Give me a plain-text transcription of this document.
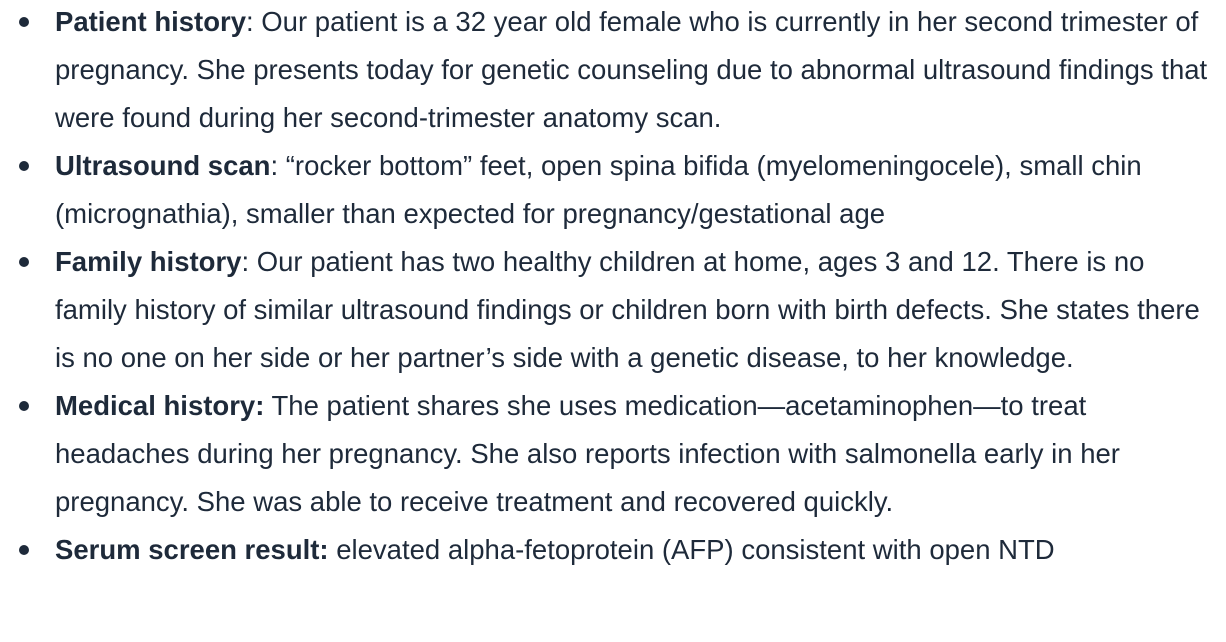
Patient history: Our patient is a 32 year old female who is currently in her second trimester of pregnancy. She presents today for genetic counseling due to abnormal ultrasound findings that were found during her second-trimester anatomy scan.
Ultrasound scan: “rocker bottom” feet, open spina bifida (myelomeningocele), small chin (micrognathia), smaller than expected for pregnancy/gestational age
Family history: Our patient has two healthy children at home, ages 3 and 12. There is no family history of similar ultrasound findings or children born with birth defects. She states there is no one on her side or her partner’s side with a genetic disease, to her knowledge.
Medical history: The patient shares she uses medication—acetaminophen—to treat headaches during her pregnancy. She also reports infection with salmonella early in her pregnancy. She was able to receive treatment and recovered quickly.
Serum screen result: elevated alpha-fetoprotein (AFP) consistent with open NTD
